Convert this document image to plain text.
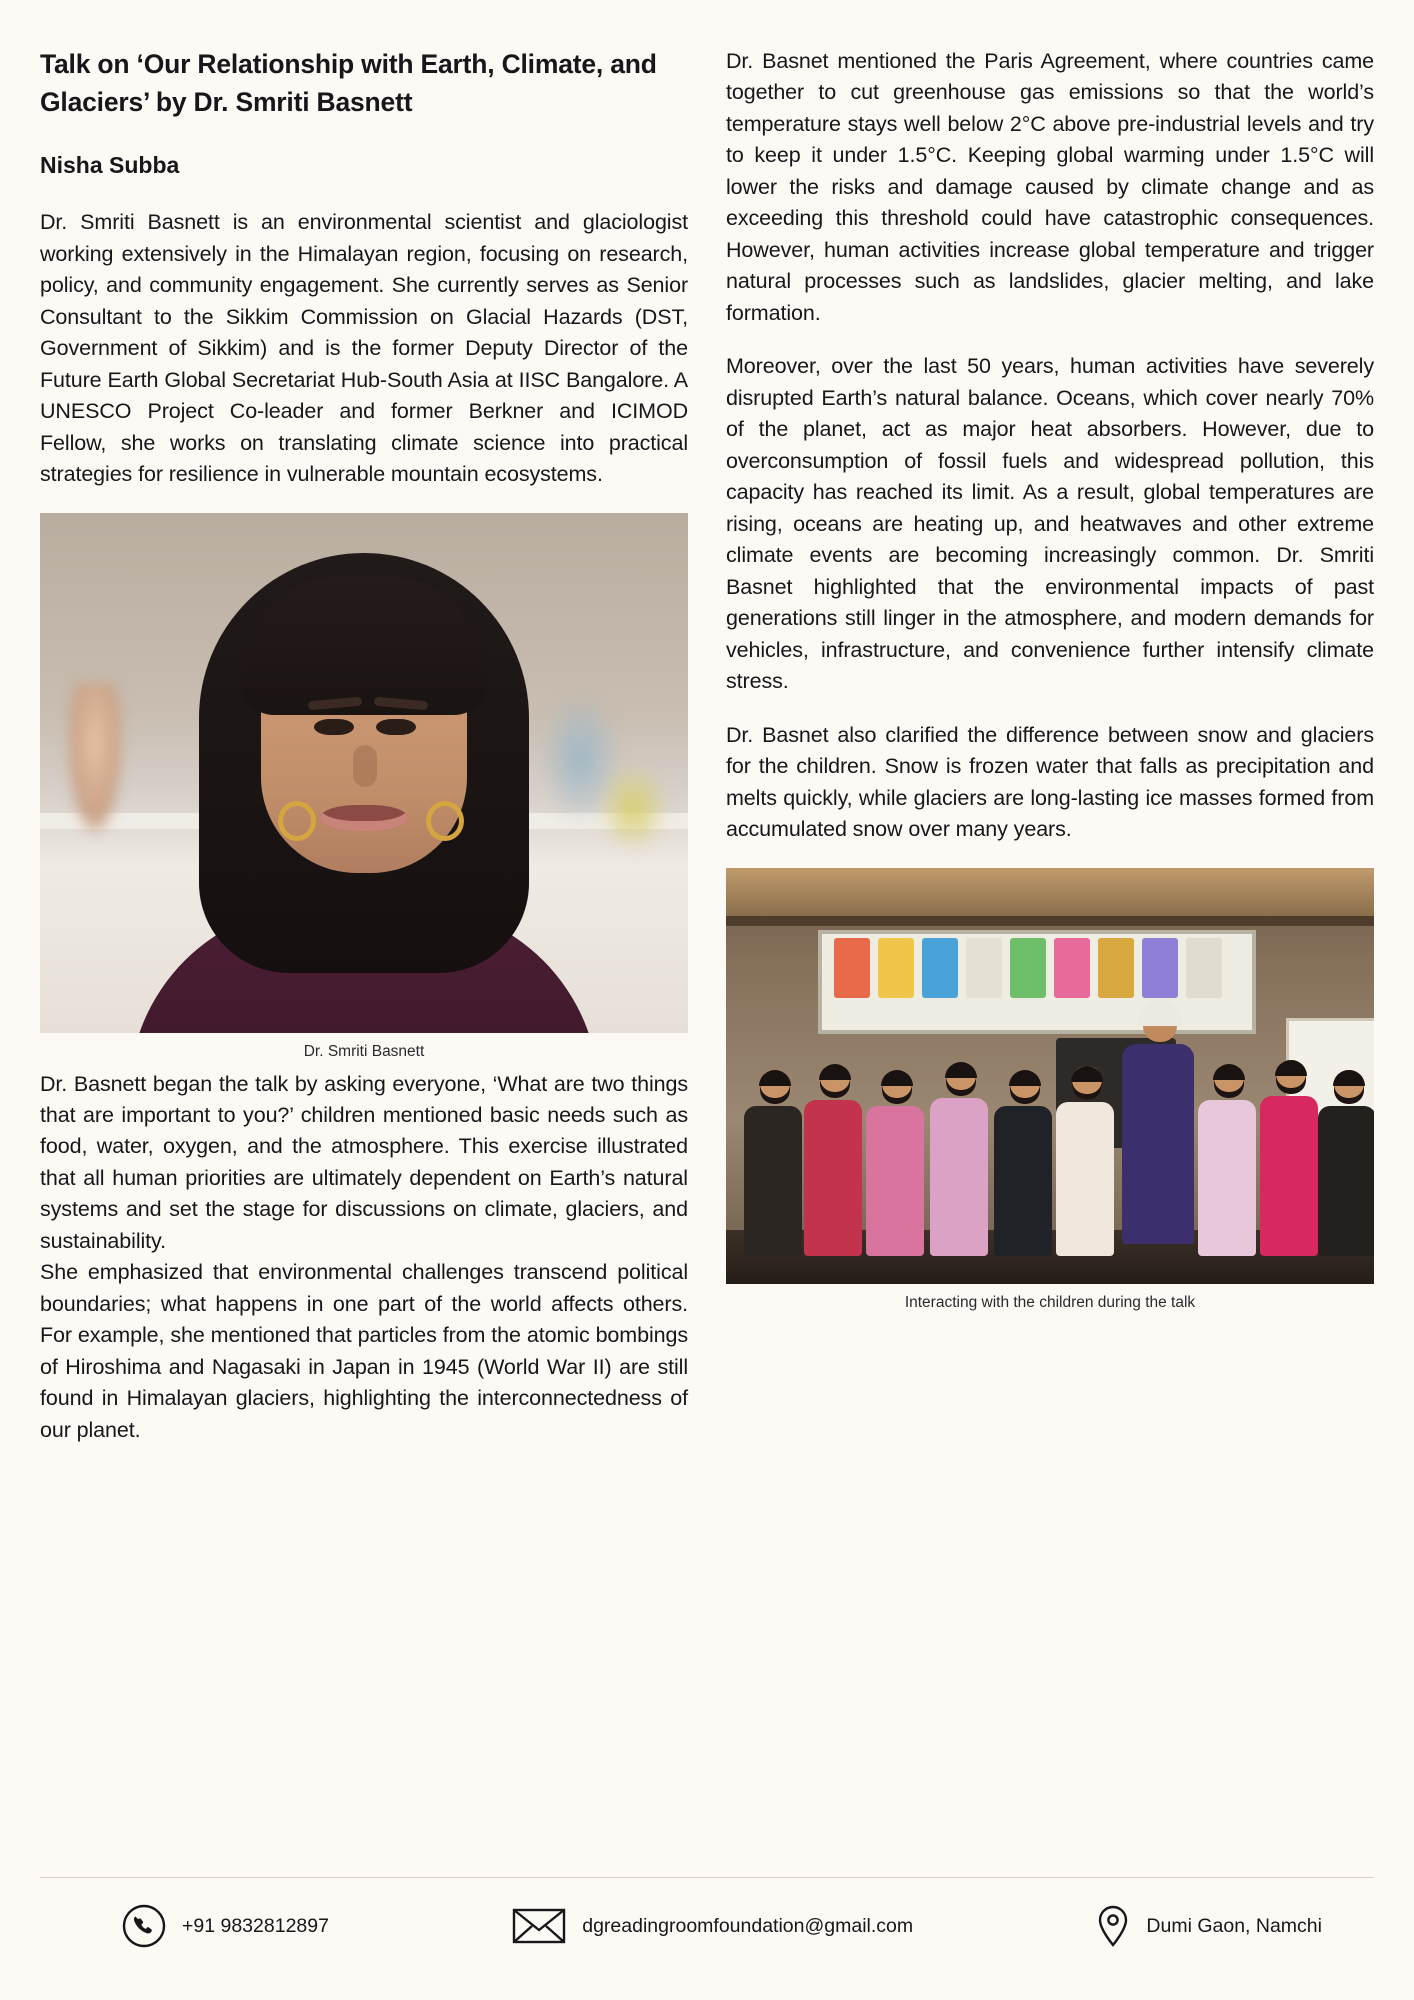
Talk on ‘Our Relationship with Earth, Climate, and Glaciers’ by Dr. Smriti Basnett
Nisha Subba

Dr. Smriti Basnett is an environmental scientist and glaciologist working extensively in the Himalayan region, focusing on research, policy, and community engagement. She currently serves as Senior Consultant to the Sikkim Commission on Glacial Hazards (DST, Government of Sikkim) and is the former Deputy Director of the Future Earth Global Secretariat Hub-South Asia at IISC Bangalore. A UNESCO Project Co-leader and former Berkner and ICIMOD Fellow, she works on translating climate science into practical strategies for resilience in vulnerable mountain ecosystems.

Dr. Smriti Basnett

Dr. Basnett began the talk by asking everyone, ‘What are two things that are important to you?’ children mentioned basic needs such as food, water, oxygen, and the atmosphere. This exercise illustrated that all human priorities are ultimately dependent on Earth’s natural systems and set the stage for discussions on climate, glaciers, and sustainability.

She emphasized that environmental challenges transcend political boundaries; what happens in one part of the world affects others. For example, she mentioned that particles from the atomic bombings of Hiroshima and Nagasaki in Japan in 1945 (World War II) are still found in Himalayan glaciers, highlighting the interconnectedness of our planet.

Dr. Basnet mentioned the Paris Agreement, where countries came together to cut greenhouse gas emissions so that the world’s temperature stays well below 2°C above pre-industrial levels and try to keep it under 1.5°C. Keeping global warming under 1.5°C will lower the risks and damage caused by climate change and as exceeding this threshold could have catastrophic consequences. However, human activities increase global temperature and trigger natural processes such as landslides, glacier melting, and lake formation.

Moreover, over the last 50 years, human activities have severely disrupted Earth’s natural balance. Oceans, which cover nearly 70% of the planet, act as major heat absorbers. However, due to overconsumption of fossil fuels and widespread pollution, this capacity has reached its limit. As a result, global temperatures are rising, oceans are heating up, and heatwaves and other extreme climate events are becoming increasingly common. Dr. Smriti Basnet highlighted that the environmental impacts of past generations still linger in the atmosphere, and modern demands for vehicles, infrastructure, and convenience further intensify climate stress.

Dr. Basnet also clarified the difference between snow and glaciers for the children. Snow is frozen water that falls as precipitation and melts quickly, while glaciers are long-lasting ice masses formed from accumulated snow over many years.

Interacting with the children during the talk
+91 9832812897	dgreadingroomfoundation@gmail.com	Dumi Gaon, Namchi
